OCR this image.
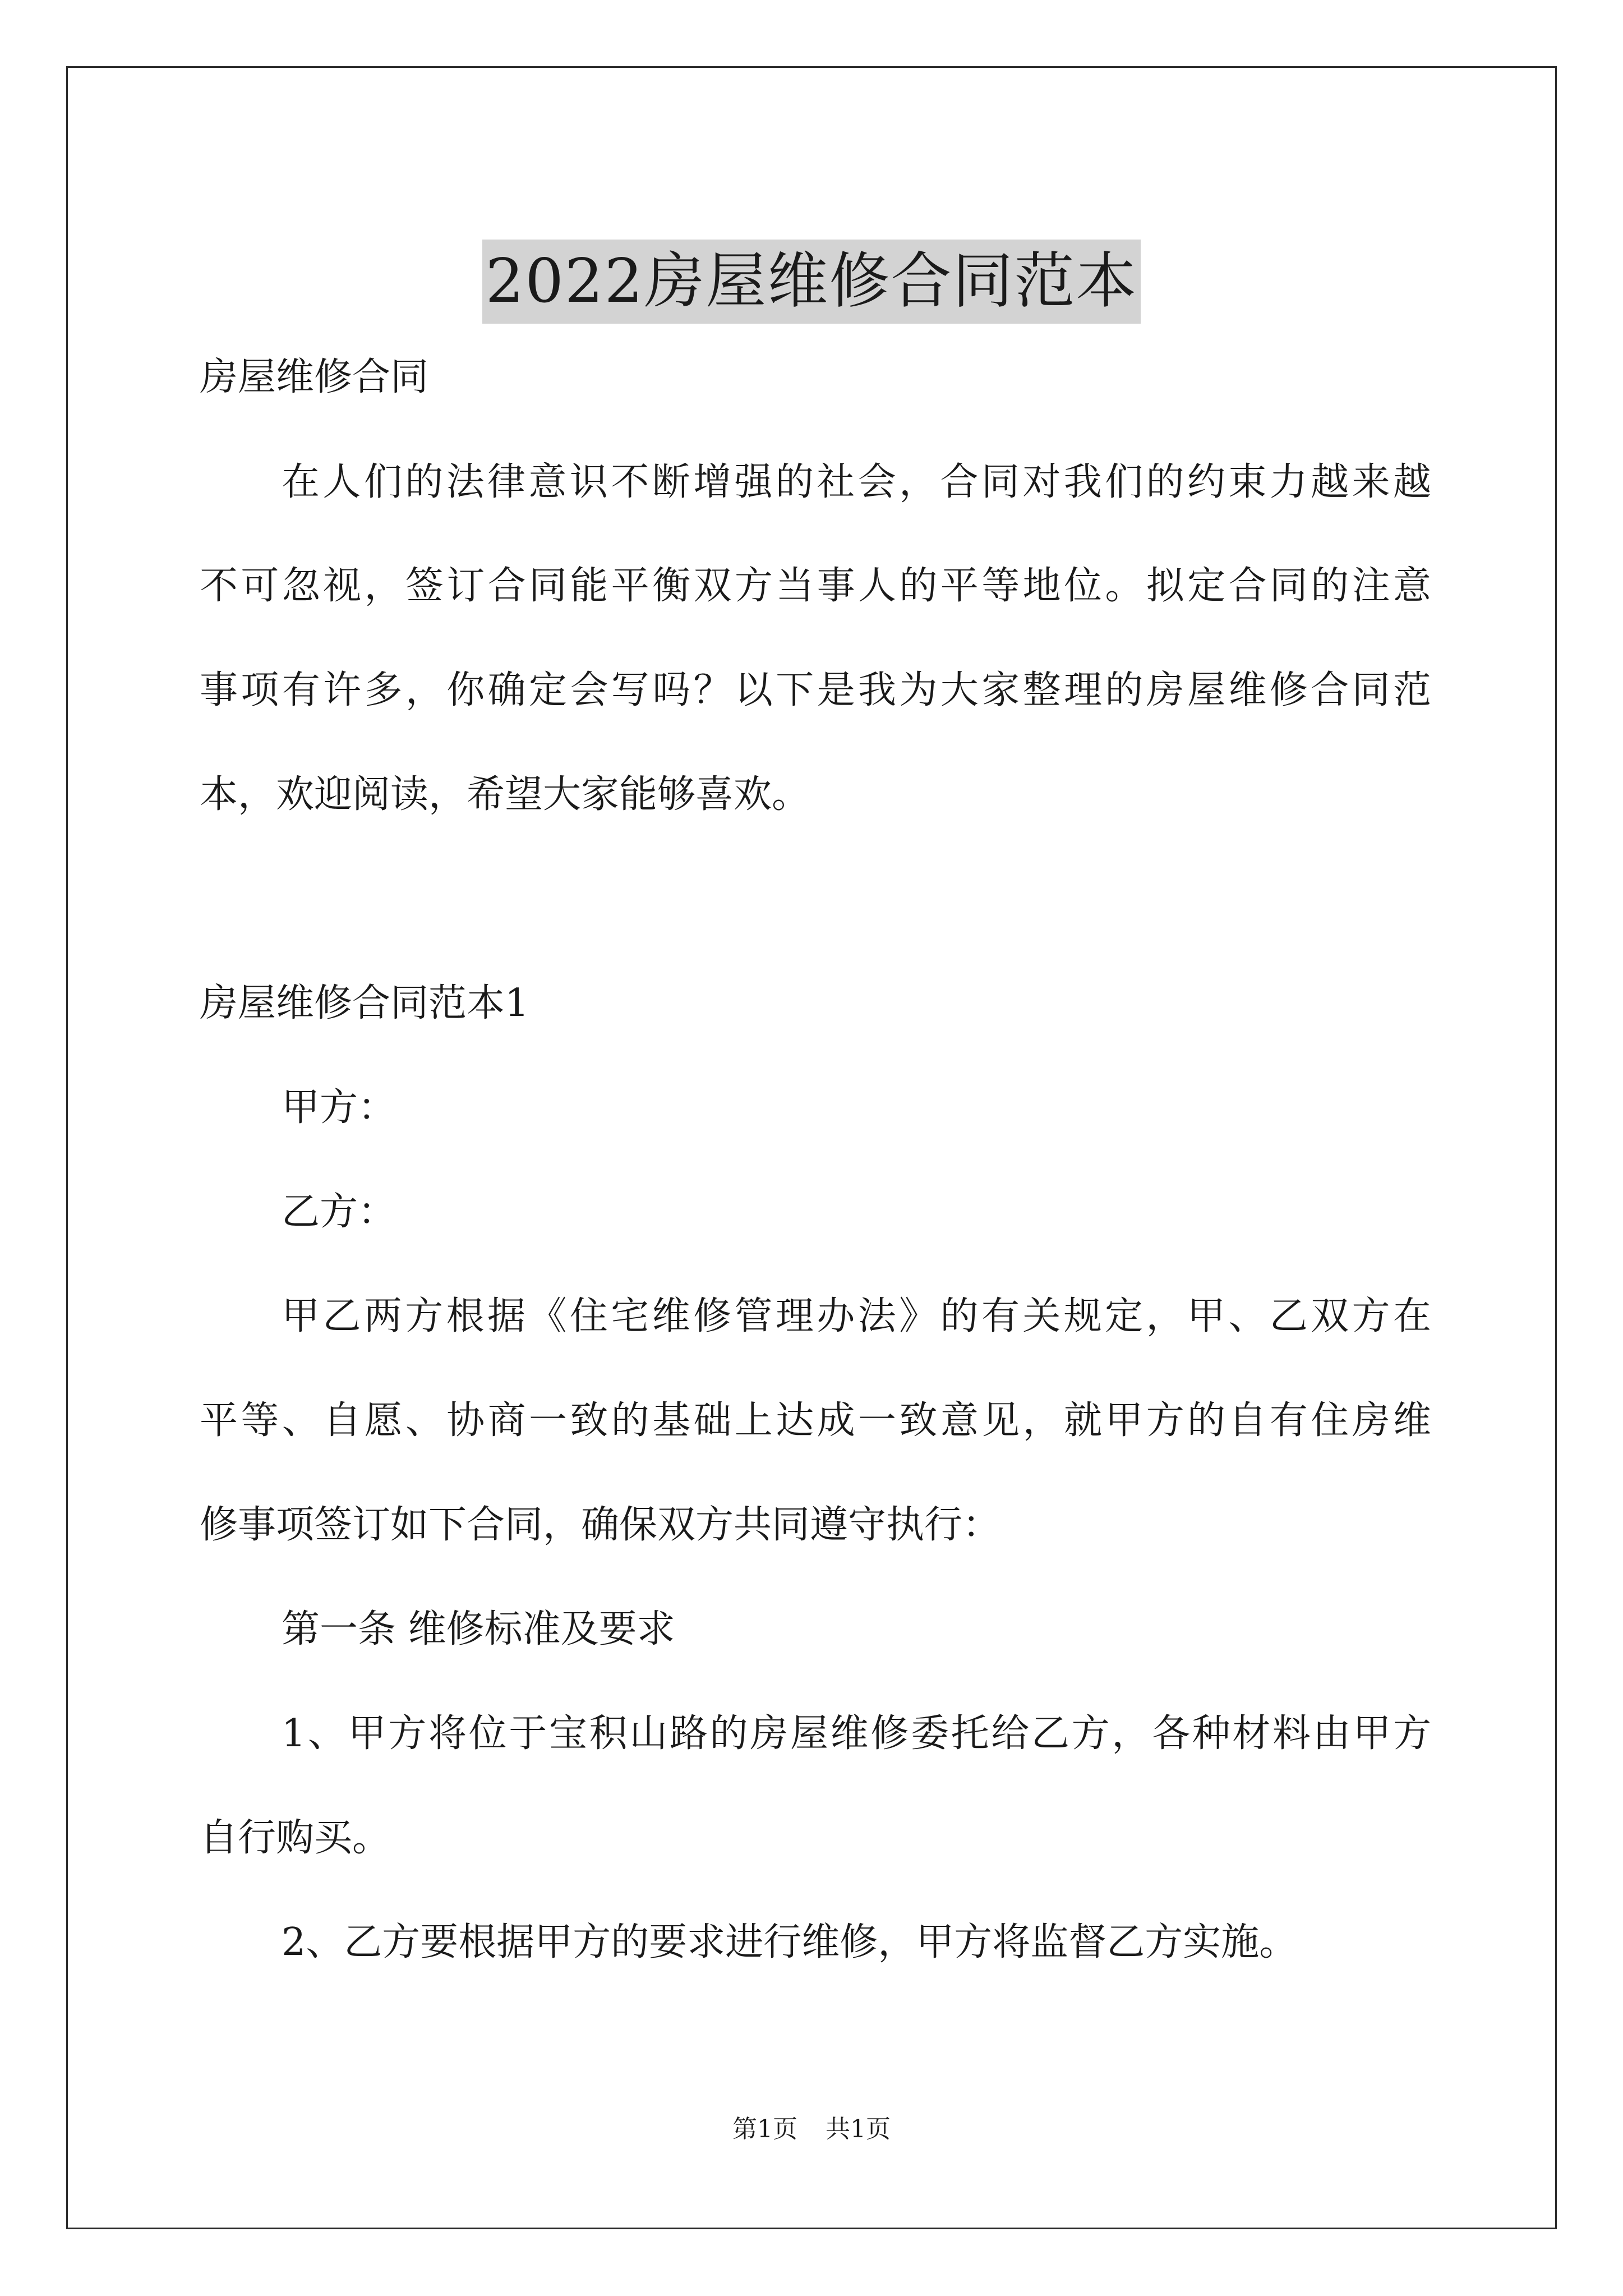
2022房屋维修合同范本
房屋维修合同
在人们的法律意识不断增强的社会，合同对我们的约束力越来越
不可忽视，签订合同能平衡双方当事人的平等地位。拟定合同的注意
事项有许多，你确定会写吗？以下是我为大家整理的房屋维修合同范
本，欢迎阅读，希望大家能够喜欢。
房屋维修合同范本1
甲方：
乙方：
甲乙两方根据《住宅维修管理办法》的有关规定，甲、乙双方在
平等、自愿、协商一致的基础上达成一致意见，就甲方的自有住房维
修事项签订如下合同，确保双方共同遵守执行：
第一条 维修标准及要求
1、甲方将位于宝积山路的房屋维修委托给乙方，各种材料由甲方
自行购买。
2、乙方要根据甲方的要求进行维修，甲方将监督乙方实施。
第1页 共1页
